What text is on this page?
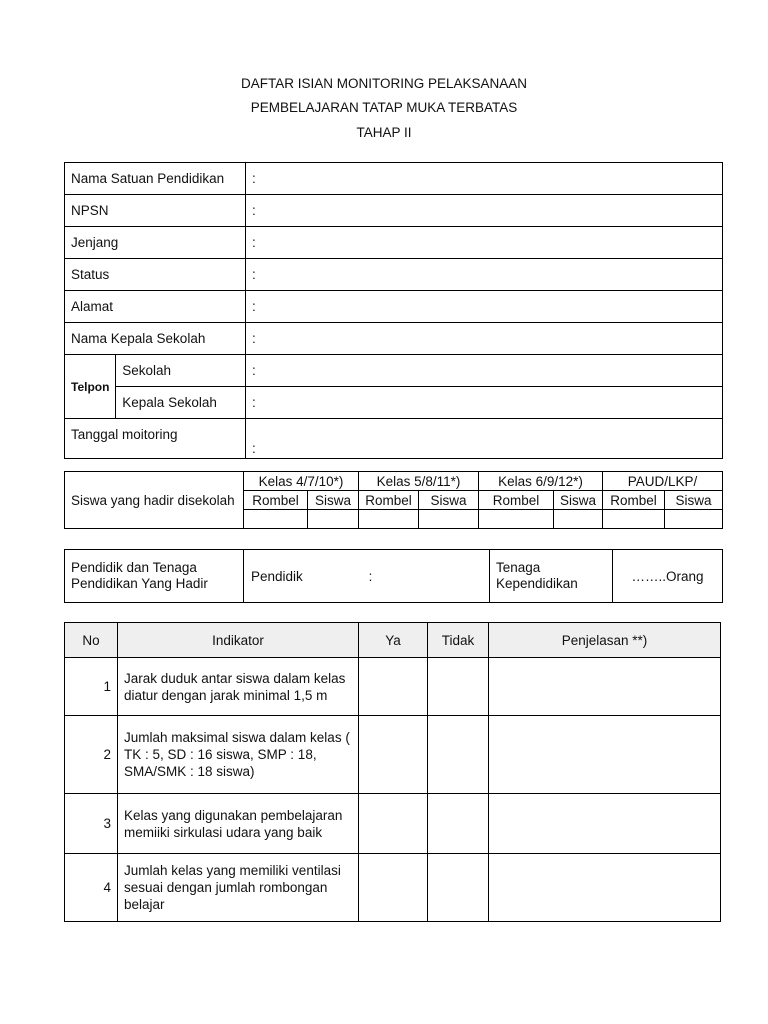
DAFTAR ISIAN MONITORING PELAKSANAAN
PEMBELAJARAN TATAP MUKA TERBATAS
TAHAP II
Nama Satuan Pendidikan		:
NPSN		:
Jenjang		:
Status		:
Alamat		:
Nama Kepala Sekolah		:
Telpon	Sekolah	:
	Kepala Sekolah	:
Tanggal moitoring		:
Siswa yang hadir disekolah	Kelas 4/7/10*)		Kelas 5/8/11*)		Kelas 6/9/12*)		PAUD/LKP/	
	Rombel	Siswa	Rombel	Siswa	Rombel	Siswa	Rombel	Siswa

Pendidik dan Tenaga Pendidikan Yang Hadir	Pendidik	:	Tenaga Kependidikan	……..Orang
No	Indikator	Ya	Tidak	Penjelasan **)
1	Jarak duduk antar siswa dalam kelas diatur dengan jarak minimal 1,5 m			
2	Jumlah maksimal siswa dalam kelas ( TK : 5, SD : 16 siswa, SMP : 18, SMA/SMK : 18 siswa)			
3	Kelas yang digunakan pembelajaran memiiki sirkulasi udara yang baik			
4	Jumlah kelas yang memiliki ventilasi sesuai dengan jumlah rombongan belajar			
